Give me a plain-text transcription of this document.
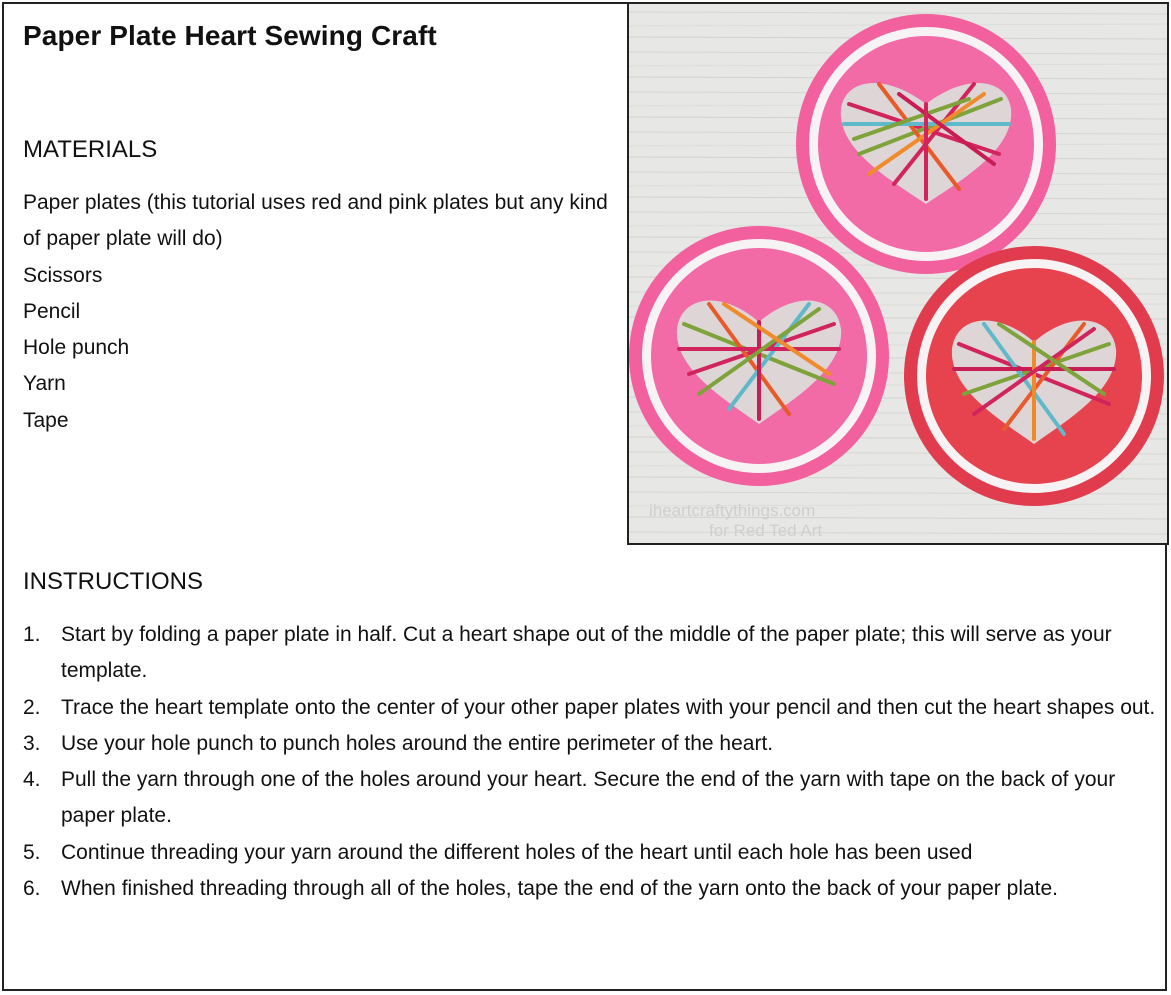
Paper Plate Heart Sewing Craft
MATERIALS
Paper plates (this tutorial uses red and pink plates but any kind of paper plate will do)
Scissors
Pencil
Hole punch
Yarn
Tape
INSTRUCTIONS
1. Start by folding a paper plate in half. Cut a heart shape out of the middle of the paper plate; this will serve as your template.
2. Trace the heart template onto the center of your other paper plates with your pencil and then cut the heart shapes out.
3. Use your hole punch to punch holes around the entire perimeter of the heart.
4. Pull the yarn through one of the holes around your heart. Secure the end of the yarn with tape on the back of your paper plate.
5. Continue threading your yarn around the different holes of the heart until each hole has been used
6. When finished threading through all of the holes, tape the end of the yarn onto the back of your paper plate.
iheartcraftythings.com
for Red Ted Art
